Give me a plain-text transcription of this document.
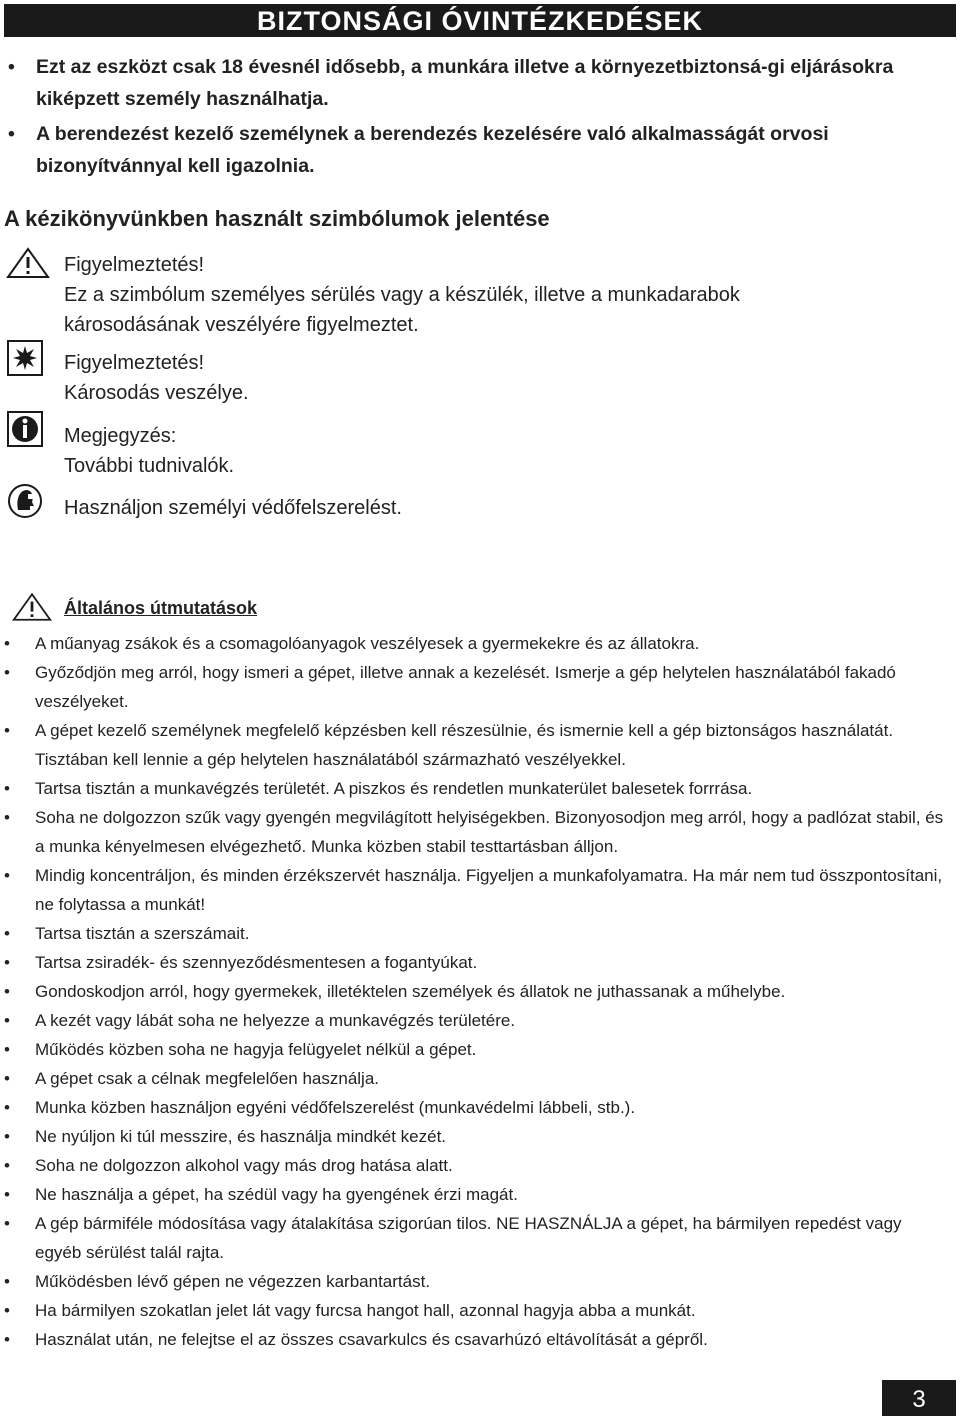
BIZTONSÁGI ÓVINTÉZKEDÉSEK
• Ezt az eszközt csak 18 évesnél idősebb, a munkára illetve a környezetbiztonsá-gi eljárásokra kiképzett személy használhatja.
• A berendezést kezelő személynek a berendezés kezelésére való alkalmasságát orvosi bizonyítvánnyal kell igazolnia.
A kézikönyvünkben használt szimbólumok jelentése
Figyelmeztetés!
Ez a szimbólum személyes sérülés vagy a készülék, illetve a munkadarabok
károsodásának veszélyére figyelmeztet.
Figyelmeztetés!
Károsodás veszélye.
Megjegyzés:
További tudnivalók.
Használjon személyi védőfelszerelést.
Általános útmutatások
• A műanyag zsákok és a csomagolóanyagok veszélyesek a gyermekekre és az állatokra.
• Győződjön meg arról, hogy ismeri a gépet, illetve annak a kezelését. Ismerje a gép helytelen használatából fakadó veszélyeket.
• A gépet kezelő személynek megfelelő képzésben kell részesülnie, és ismernie kell a gép biztonságos használatát. Tisztában kell lennie a gép helytelen használatából származható veszélyekkel.
• Tartsa tisztán a munkavégzés területét. A piszkos és rendetlen munkaterület balesetek forrrása.
• Soha ne dolgozzon szűk vagy gyengén megvilágított helyiségekben. Bizonyosodjon meg arról, hogy a padlózat stabil, és a munka kényelmesen elvégezhető. Munka közben stabil testtartásban álljon.
• Mindig koncentráljon, és minden érzékszervét használja. Figyeljen a munkafolyamatra. Ha már nem tud összpontosítani, ne folytassa a munkát!
• Tartsa tisztán a szerszámait.
• Tartsa zsiradék- és szennyeződésmentesen a fogantyúkat.
• Gondoskodjon arról, hogy gyermekek, illetéktelen személyek és állatok ne juthassanak a műhelybe.
• A kezét vagy lábát soha ne helyezze a munkavégzés területére.
• Működés közben soha ne hagyja felügyelet nélkül a gépet.
• A gépet csak a célnak megfelelően használja.
• Munka közben használjon egyéni védőfelszerelést (munkavédelmi lábbeli, stb.).
• Ne nyúljon ki túl messzire, és használja mindkét kezét.
• Soha ne dolgozzon alkohol vagy más drog hatása alatt.
• Ne használja a gépet, ha szédül vagy ha gyengének érzi magát.
• A gép bármiféle módosítása vagy átalakítása szigorúan tilos. NE HASZNÁLJA a gépet, ha bármilyen repedést vagy egyéb sérülést talál rajta.
• Működésben lévő gépen ne végezzen karbantartást.
• Ha bármilyen szokatlan jelet lát vagy furcsa hangot hall, azonnal hagyja abba a munkát.
• Használat után, ne felejtse el az összes csavarkulcs és csavarhúzó eltávolítását a gépről.
3
